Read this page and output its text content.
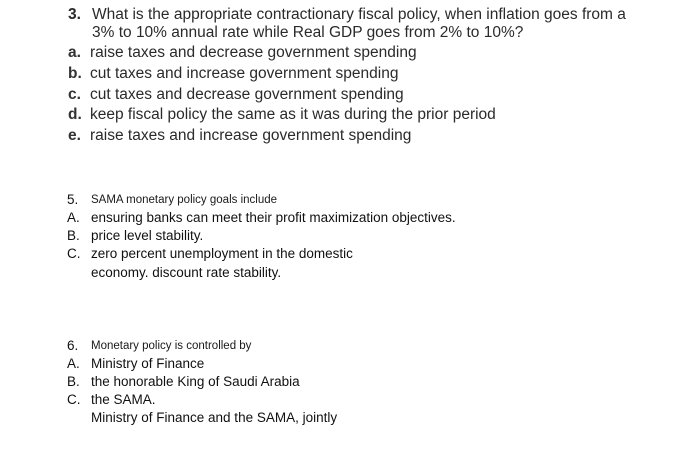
3. What is the appropriate contractionary fiscal policy, when inflation goes from a
3% to 10% annual rate while Real GDP goes from 2% to 10%?
a. raise taxes and decrease government spending
b. cut taxes and increase government spending
c. cut taxes and decrease government spending
d. keep fiscal policy the same as it was during the prior period
e. raise taxes and increase government spending
5. SAMA monetary policy goals include
A. ensuring banks can meet their profit maximization objectives.
B. price level stability.
C. zero percent unemployment in the domestic
economy. discount rate stability.
6. Monetary policy is controlled by
A. Ministry of Finance
B. the honorable King of Saudi Arabia
C. the SAMA.
Ministry of Finance and the SAMA, jointly
